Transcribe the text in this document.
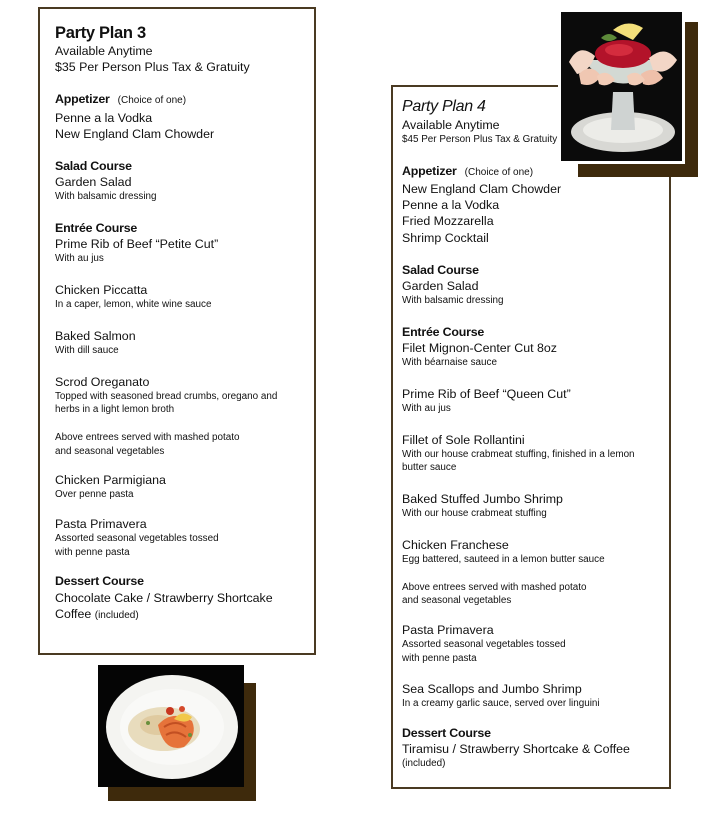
Party Plan 3

Available Anytime

$35 Per Person Plus Tax & Gratuity

Appetizer (Choice of one)

Penne a la Vodka

New England Clam Chowder

Salad Course

Garden Salad

With balsamic dressing

Entrée Course

Prime Rib of Beef “Petite Cut”

With au jus

Chicken Piccatta

In a caper, lemon, white wine sauce

Baked Salmon

With dill sauce

Scrod Oreganato

Topped with seasoned bread crumbs, oregano and

herbs in a light lemon broth

Above entrees served with mashed potato

and seasonal vegetables

Chicken Parmigiana

Over penne pasta

Pasta Primavera

Assorted seasonal vegetables tossed

with penne pasta

Dessert Course

Chocolate Cake / Strawberry Shortcake

Coffee (included)

Party Plan 4

Available Anytime

$45 Per Person Plus Tax & Gratuity

Appetizer (Choice of one)

New England Clam Chowder

Penne a la Vodka

Fried Mozzarella

Shrimp Cocktail

Salad Course

Garden Salad

With balsamic dressing

Entrée Course

Filet Mignon-Center Cut 8oz

With béarnaise sauce

Prime Rib of Beef “Queen Cut”

With au jus

Fillet of Sole Rollantini

With our house crabmeat stuffing, finished in a lemon

butter sauce

Baked Stuffed Jumbo Shrimp

With our house crabmeat stuffing

Chicken Franchese

Egg battered, sauteed in a lemon butter sauce

Above entrees served with mashed potato

and seasonal vegetables

Pasta Primavera

Assorted seasonal vegetables tossed

with penne pasta

Sea Scallops and Jumbo Shrimp

In a creamy garlic sauce, served over linguini

Dessert Course

Tiramisu / Strawberry Shortcake & Coffee

(included)
